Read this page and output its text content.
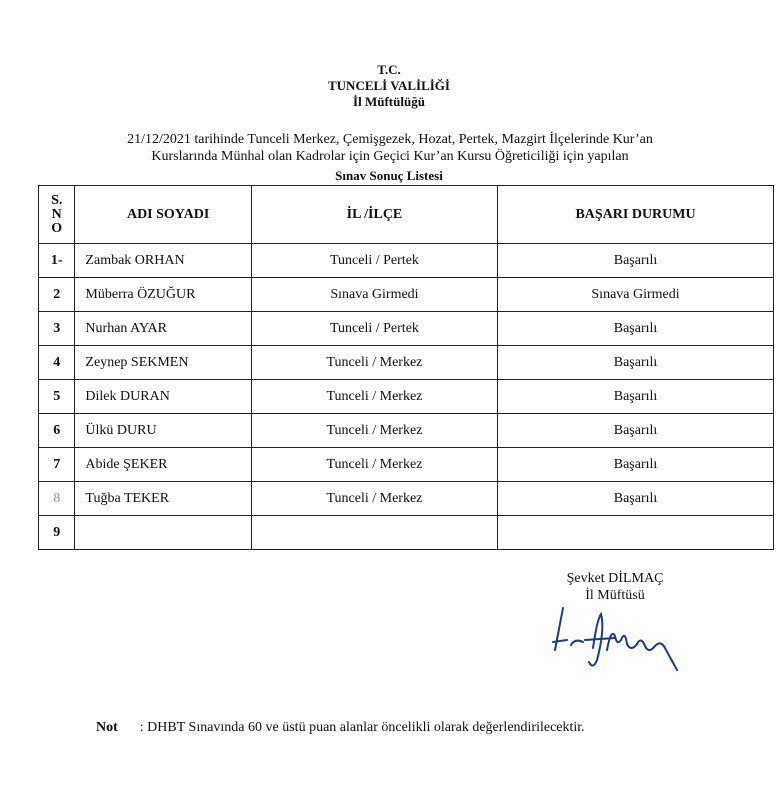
T.C.
TUNCELİ VALİLİĞİ
İl Müftülüğü
21/12/2021 tarihinde Tunceli Merkez, Çemişgezek, Hozat, Pertek, Mazgirt İlçelerinde Kur’an
Kurslarında Münhal olan Kadrolar için Geçici Kur’an Kursu Öğreticiliği için yapılan
Sınav Sonuç Listesi
S.
N
O	ADI SOYADI	İL /İLÇE	BAŞARI DURUMU
1-	Zambak ORHAN	Tunceli / Pertek	Başarılı
2	Müberra ÖZUĞUR	Sınava Girmedi	Sınava Girmedi
3	Nurhan AYAR	Tunceli / Pertek	Başarılı
4	Zeynep SEKMEN	Tunceli / Merkez	Başarılı
5	Dilek DURAN	Tunceli / Merkez	Başarılı
6	Ülkü DURU	Tunceli / Merkez	Başarılı
7	Abide ŞEKER	Tunceli / Merkez	Başarılı
8	Tuğba TEKER	Tunceli / Merkez	Başarılı
9			
Şevket DİLMAÇ
İl Müftüsü
Not : DHBT Sınavında 60 ve üstü puan alanlar öncelikli olarak değerlendirilecektir.
